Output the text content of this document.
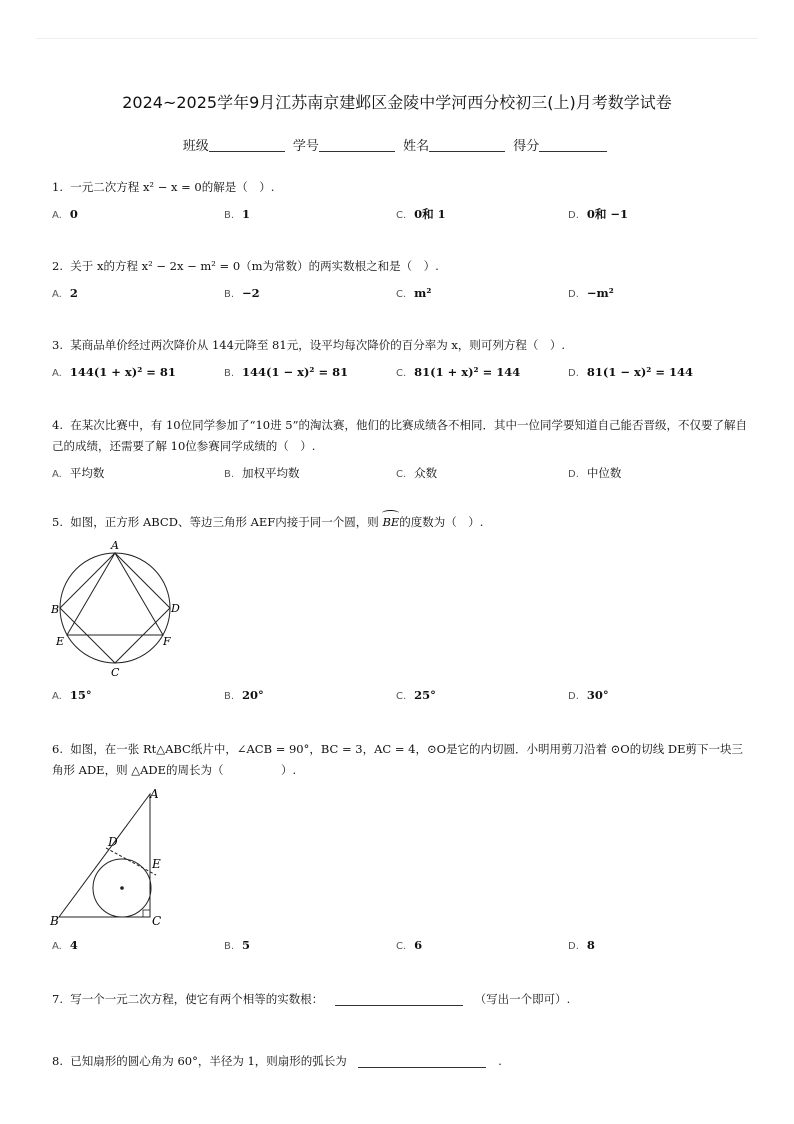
2024~2025学年9月江苏南京建邺区金陵中学河西分校初三(上)月考数学试卷
班级	学号	姓名	得分
1. 一元二次方程 x² − x = 0的解是（　）.
A. 0	B. 1	C. 0和 1	D. 0和 −1
2. 关于 x的方程 x² − 2x − m² = 0（m为常数）的两实数根之和是（　）.
A. 2	B. −2	C. m²	D. −m²
3. 某商品单价经过两次降价从 144元降至 81元，设平均每次降价的百分率为 x，则可列方程（　）.
A. 144(1 + x)² = 81	B. 144(1 − x)² = 81	C. 81(1 + x)² = 144	D. 81(1 − x)² = 144
4. 在某次比赛中，有 10位同学参加了“10进 5”的淘汰赛，他们的比赛成绩各不相同．其中一位同学要知道自己能否晋级，不仅要了解自己的成绩，还需要了解 10位参赛同学成绩的（　）.
A. 平均数	B. 加权平均数	C. 众数	D. 中位数
5. 如图，正方形 ABCD、等边三角形 AEF内接于同一个圆，则
BE的度数为（　）.
A
B	D
E	F
C
A. 15°	B. 20°	C. 25°	D. 30°
6. 如图，在一张 Rt△ABC纸片中，∠ACB = 90°，BC = 3，AC = 4，⊙O是它的内切圆．小明用剪刀沿着 ⊙O的切线 DE剪下一块三角形 ADE，则 △ADE的周长为（　　　　　）.
A
D
E
B	C
A. 4	B. 5	C. 6	D. 8
7. 写一个一元二次方程，使它有两个相等的实数根：	（写出一个即可）.
8. 已知扇形的圆心角为 60°，半径为 1，则扇形的弧长为	.
